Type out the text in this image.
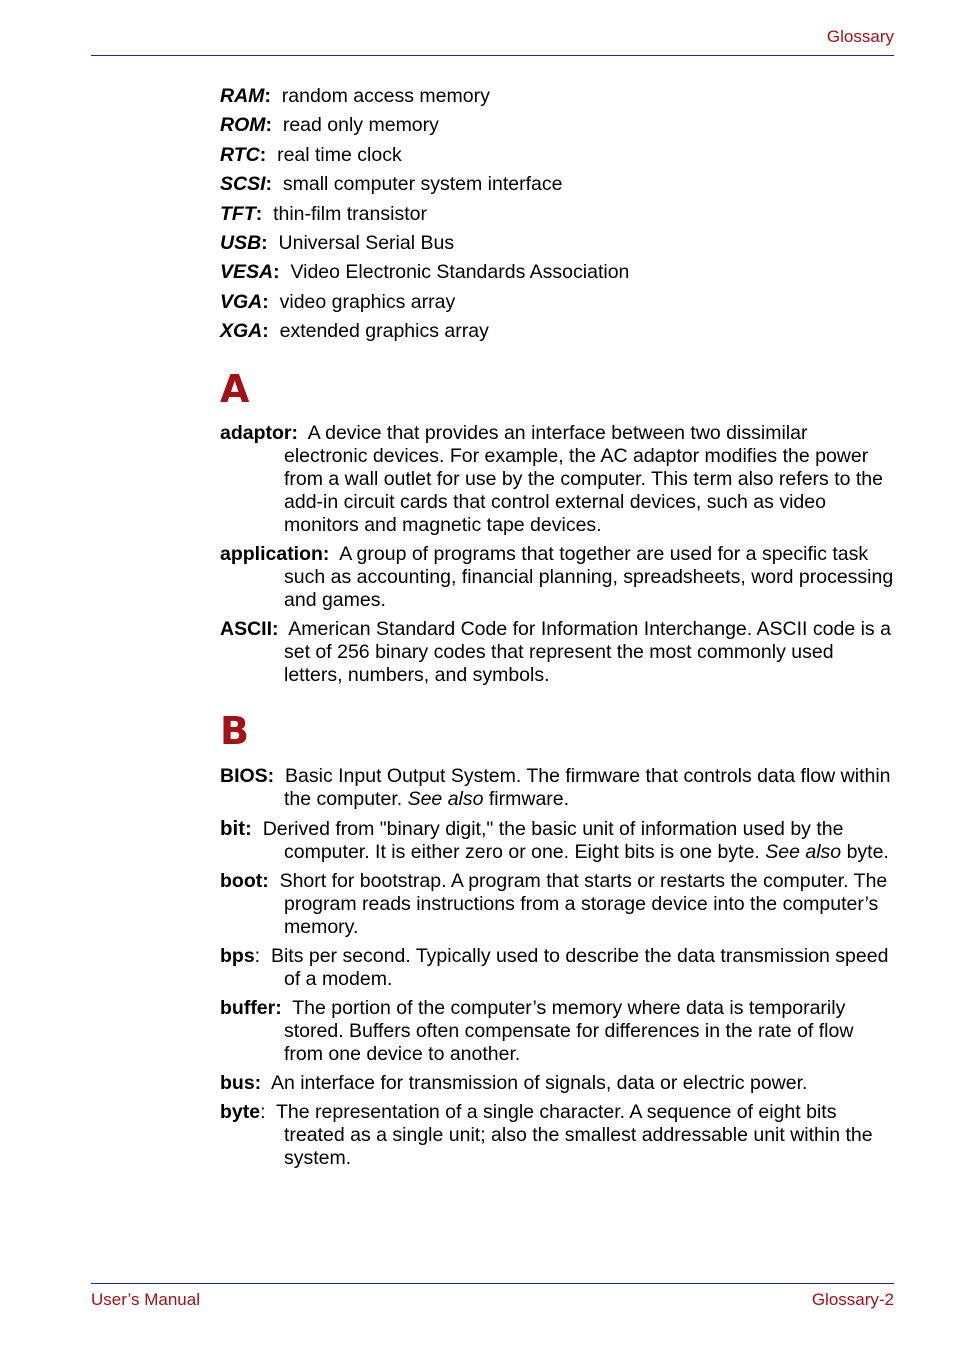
Glossary
RAM: random access memory
ROM: read only memory
RTC: real time clock
SCSI: small computer system interface
TFT: thin-film transistor
USB: Universal Serial Bus
VESA: Video Electronic Standards Association
VGA: video graphics array
XGA: extended graphics array
A

adaptor: A device that provides an interface between two dissimilar electronic devices. For example, the AC adaptor modifies the power from a wall outlet for use by the computer. This term also refers to the add-in circuit cards that control external devices, such as video monitors and magnetic tape devices.

application: A group of programs that together are used for a specific task such as accounting, financial planning, spreadsheets, word processing and games.

ASCII: American Standard Code for Information Interchange. ASCII code is a set of 256 binary codes that represent the most commonly used letters, numbers, and symbols.

B

BIOS: Basic Input Output System. The firmware that controls data flow within the computer. See also firmware.

bit: Derived from "binary digit," the basic unit of information used by the computer. It is either zero or one. Eight bits is one byte. See also byte.

boot: Short for bootstrap. A program that starts or restarts the computer. The program reads instructions from a storage device into the computer’s memory.

bps: Bits per second. Typically used to describe the data transmission speed of a modem.

buffer: The portion of the computer’s memory where data is temporarily stored. Buffers often compensate for differences in the rate of flow from one device to another.

bus: An interface for transmission of signals, data or electric power.

byte: The representation of a single character. A sequence of eight bits treated as a single unit; also the smallest addressable unit within the system.

User’s Manual	Glossary-2
